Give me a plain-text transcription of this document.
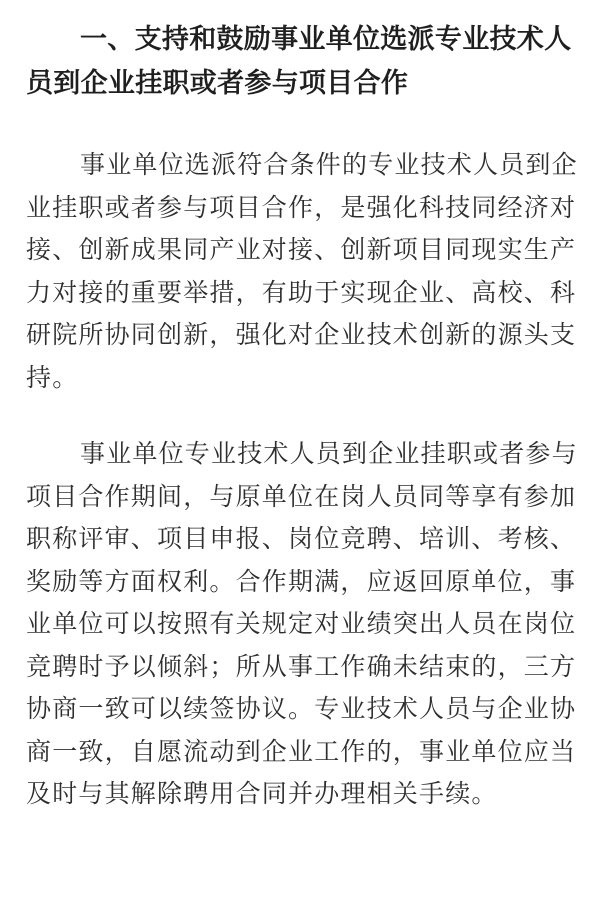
一、支持和鼓励事业单位选派专业技术人员到企业挂职或者参与项目合作

事业单位选派符合条件的专业技术人员到企业挂职或者参与项目合作，是强化科技同经济对接、创新成果同产业对接、创新项目同现实生产力对接的重要举措，有助于实现企业、高校、科研院所协同创新，强化对企业技术创新的源头支持。

事业单位专业技术人员到企业挂职或者参与项目合作期间，与原单位在岗人员同等享有参加职称评审、项目申报、岗位竞聘、培训、考核、奖励等方面权利。合作期满，应返回原单位，事业单位可以按照有关规定对业绩突出人员在岗位竞聘时予以倾斜；所从事工作确未结束的，三方协商一致可以续签协议。专业技术人员与企业协商一致，自愿流动到企业工作的，事业单位应当及时与其解除聘用合同并办理相关手续。
